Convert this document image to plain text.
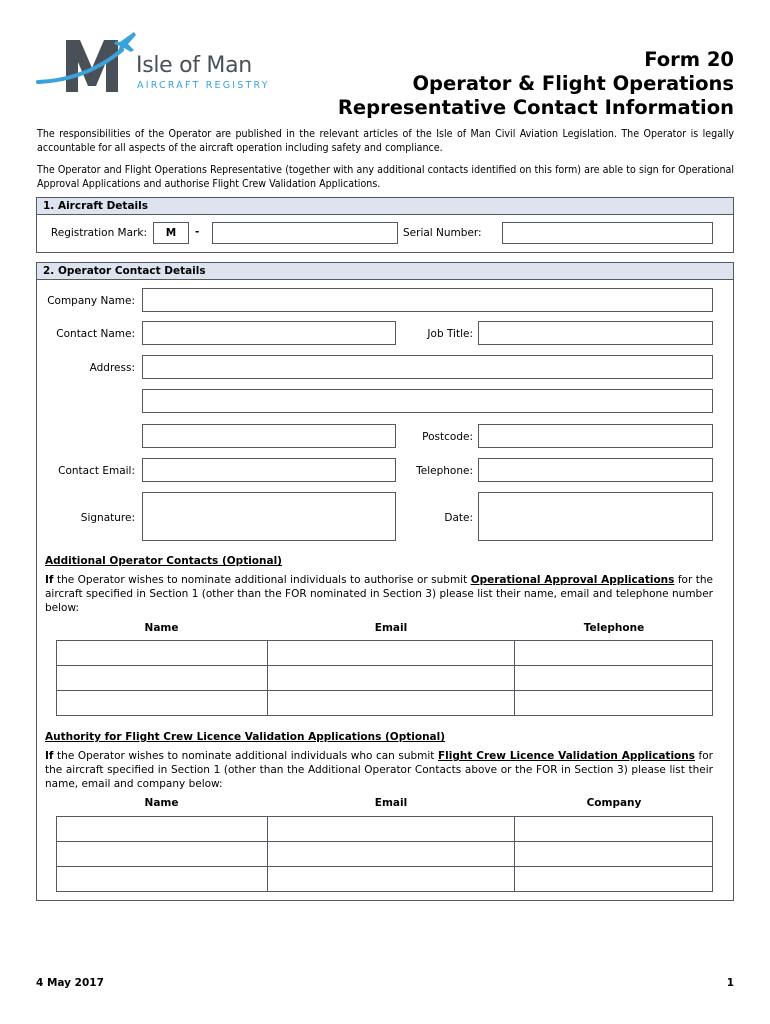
Isle of Man
AIRCRAFT REGISTRY
Form 20
Operator & Flight Operations
Representative Contact Information

The responsibilities of the Operator are published in the relevant articles of the Isle of Man Civil Aviation Legislation. The Operator is legally accountable for all aspects of the aircraft operation including safety and compliance.

The Operator and Flight Operations Representative (together with any additional contacts identified on this form) are able to sign for Operational Approval Applications and authorise Flight Crew Validation Applications.

1. Aircraft Details
Registration Mark:	M	-	Serial Number:
2. Operator Contact Details
Company Name:
Contact Name:	Job Title:
Address:
Postcode:
Contact Email:	Telephone:
Signature:	Date:
Additional Operator Contacts (Optional)
If the Operator wishes to nominate additional individuals to authorise or submit Operational Approval Applications for the aircraft specified in Section 1 (other than the FOR nominated in Section 3) please list their name, email and telephone number below:
Name	Email	Telephone

Authority for Flight Crew Licence Validation Applications (Optional)
If the Operator wishes to nominate additional individuals who can submit Flight Crew Licence Validation Applications for the aircraft specified in Section 1 (other than the Additional Operator Contacts above or the FOR in Section 3) please list their name, email and company below:
Name	Email	Company

4 May 2017	1
